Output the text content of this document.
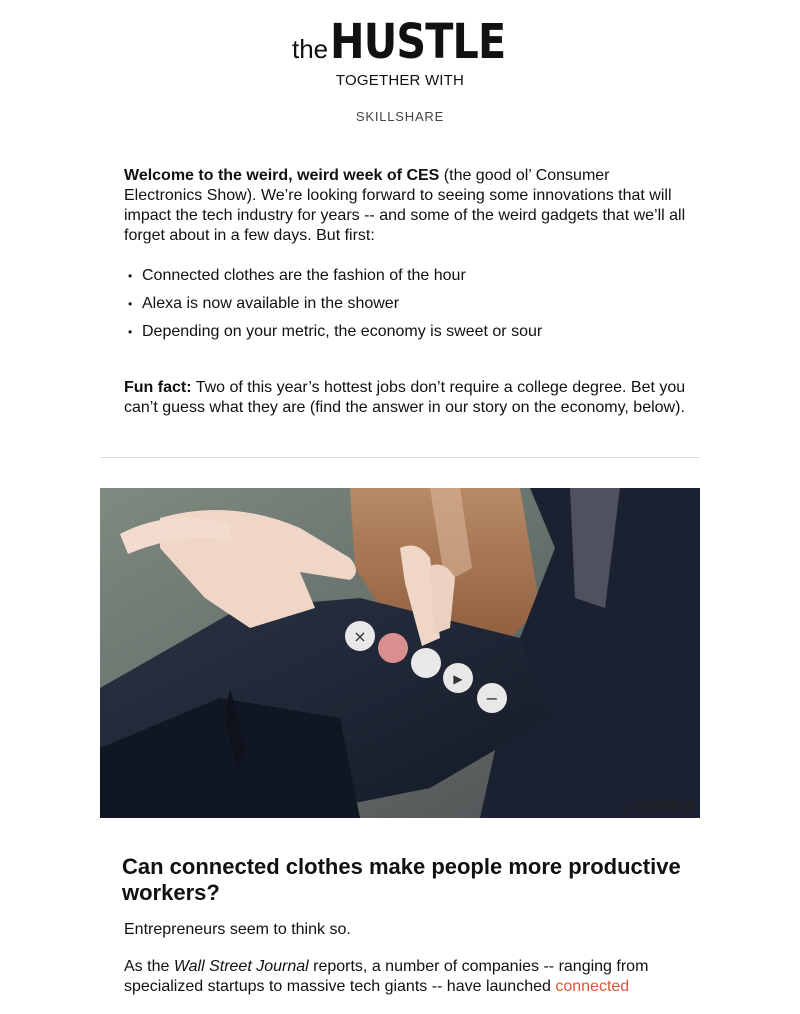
theHUSTLE
TOGETHER WITH
SKILLSHARE

Welcome to the weird, weird week of CES (the good ol’ Consumer Electronics Show). We’re looking forward to seeing some innovations that will impact the tech industry for years -- and some of the weird gadgets that we’ll all forget about in a few days. But first:

• Connected clothes are the fashion of the hour
• Alexa is now available in the shower
• Depending on your metric, the economy is sweet or sour

Fun fact: Two of this year’s hottest jobs don’t require a college degree. Bet you can’t guess what they are (find the answer in our story on the economy, below).

×
▶
−
theHUSTLE
Can connected clothes make people more productive workers?

Entrepreneurs seem to think so.

As the Wall Street Journal reports, a number of companies -- ranging from specialized startups to massive tech giants -- have launched connected
